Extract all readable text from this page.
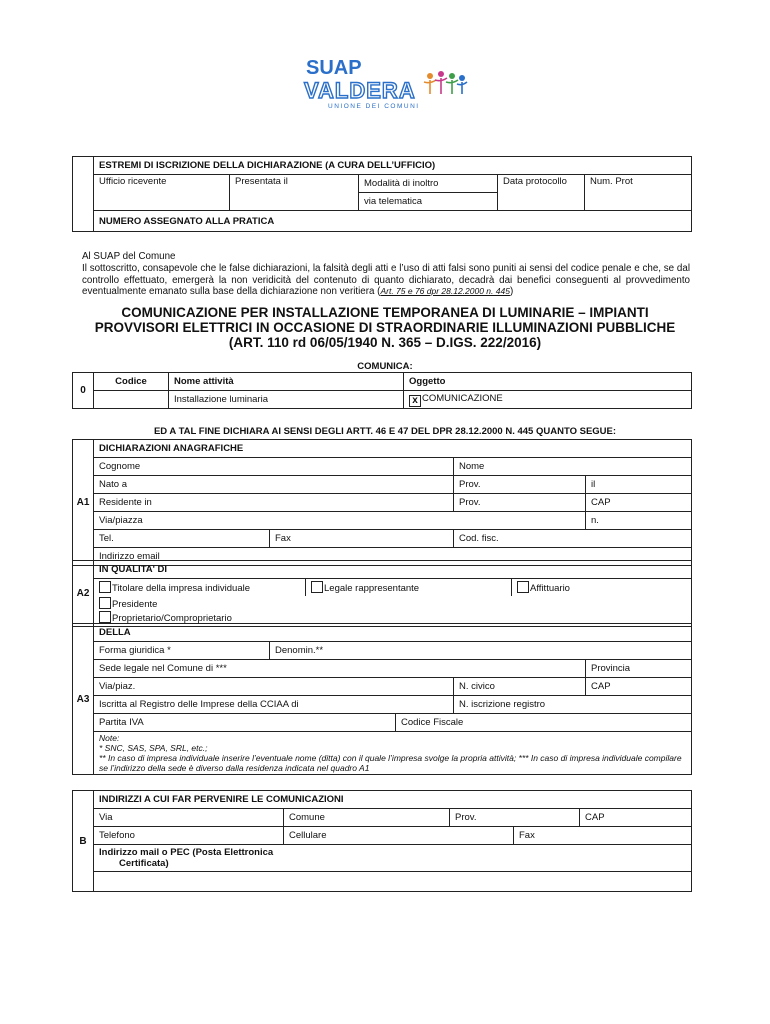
SUAP
VALDERA
UNIONE DEI COMUNI
	ESTREMI DI ISCRIZIONE DELLA DICHIARAZIONE (A CURA DELL’UFFICIO)				
	Ufficio ricevente	Presentata il	Modalità di inoltro	Data protocollo	Num. Prot
			via telematica		
	NUMERO ASSEGNATO ALLA PRATICA				
Al SUAP del Comune
Il sottoscritto, consapevole che le false dichiarazioni, la falsità degli atti e l’uso di atti falsi sono puniti ai sensi del codice penale e che, se dal controllo effettuato, emergerà la non veridicità del contenuto di quanto dichiarato, decadrà dai benefici conseguenti al provvedimento eventualmente emanato sulla base della dichiarazione non veritiera (Art. 75 e 76 dpr 28.12.2000 n. 445)
COMUNICAZIONE PER INSTALLAZIONE TEMPORANEA DI LUMINARIE – IMPIANTI
PROVVISORI ELETTRICI IN OCCASIONE DI STRAORDINARIE ILLUMINAZIONI PUBBLICHE
(ART. 110 rd 06/05/1940 N. 365 – D.IGS. 222/2016)
COMUNICA:
0	Codice	Nome attività	Oggetto
		Installazione luminaria	x COMUNICAZIONE
ED A TAL FINE DICHIARA AI SENSI DEGLI ARTT. 46 E 47 DEL DPR 28.12.2000 N. 445 QUANTO SEGUE:
A1	DICHIARAZIONI ANAGRAFICHE			
	Cognome		Nome	
	Nato a		Prov.	il
	Residente in		Prov.	CAP
	Via/piazza			n.
	Tel.	Fax	Cod. fisc.	
	Indirizzo email			
A2	IN QUALITA' DI		
	Titolare della impresa individuale	Legale rappresentante	Affittuario

	Presidente
Proprietario/Comproprietario		
A3	DELLA				
	Forma giuridica *	Denomin.**			
	Sede legale nel Comune di ***				Provincia
	Via/piaz.			N. civico	CAP
	Iscritta al Registro delle Imprese della CCIAA di			N. iscrizione registro	
	Partita IVA		Codice Fiscale		

	Note:
* SNC, SAS, SPA, SRL, etc.;
** In caso di impresa individuale inserire l’eventuale nome (ditta) con il quale l’impresa svolge la propria attività; *** In caso di impresa individuale compilare se l’indirizzo della sede è diverso dalla residenza indicata nel quadro A1				
B	INDIRIZZI A CUI FAR PERVENIRE LE COMUNICAZIONI				
	Via	Comune	Prov.		CAP
	Telefono	Cellulare		Fax	

	Indirizzo mail o PEC (Posta Elettronica
Certificata)				
